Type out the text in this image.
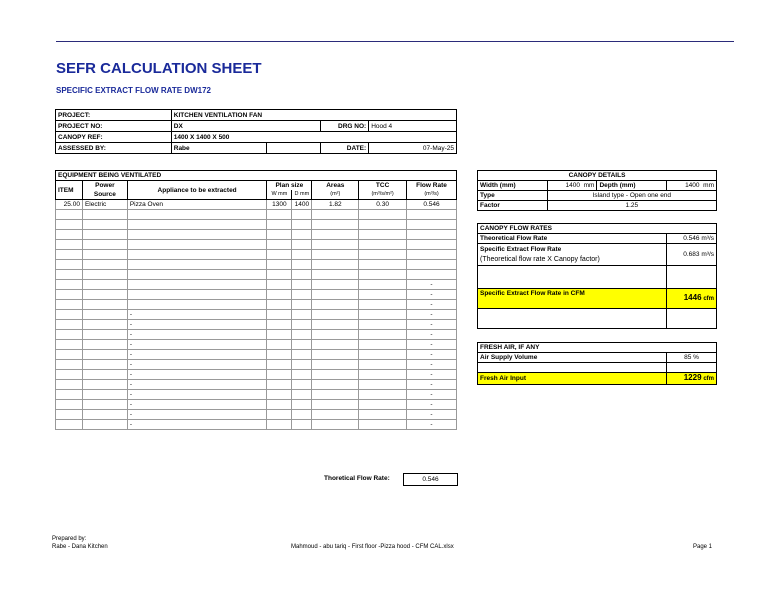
SEFR CALCULATION SHEET
SPECIFIC EXTRACT FLOW RATE DW172
PROJECT:	KITCHEN VENTILATION FAN			
PROJECT NO:	DX		DRG NO:	Hood 4
CANOPY REF:	1400 X 1400 X 500			
ASSESSED BY:	Rabe		DATE:	07-May-25
EQUIPMENT BEING VENTILATED							
ITEM	Power	Appliance to be extracted	Plan size		Areas	TCC	Flow Rate
	Source		W mm	D mm	(m²)	(m³/s/m²)	(m³/s)
25.00	Electric	Pizza Oven	1300	1400	1.82	0.30	0.546

							-
							-
							-
		-					-
		-					-
		-					-
		-					-
		-					-
		-					-
		-					-
		-					-
		-					-
		-					-
		-					-
		-					-
Thoretical Flow Rate:	0.546
CANOPY DETAILS			
Width (mm)	1400 mm	Depth (mm)	1400 mm
Type	Island type - Open one end		
Factor	1.25		
CANOPY FLOW RATES	
Theoretical Flow Rate	0.546 m³/s
Specific Extract Flow Rate
(Theoretical flow rate X Canopy factor)	0.683 m³/s

Specific Extract Flow Rate in CFM	1446 cfm

FRESH AIR, IF ANY	
Air Supply Volume	85 %

Fresh Air Input	1229 cfm
Prepared by:
Rabe - Dana Kitchen	Mahmoud - abu tariq - First floor -Pizza hood - CFM CAL.xlsx	Page 1
